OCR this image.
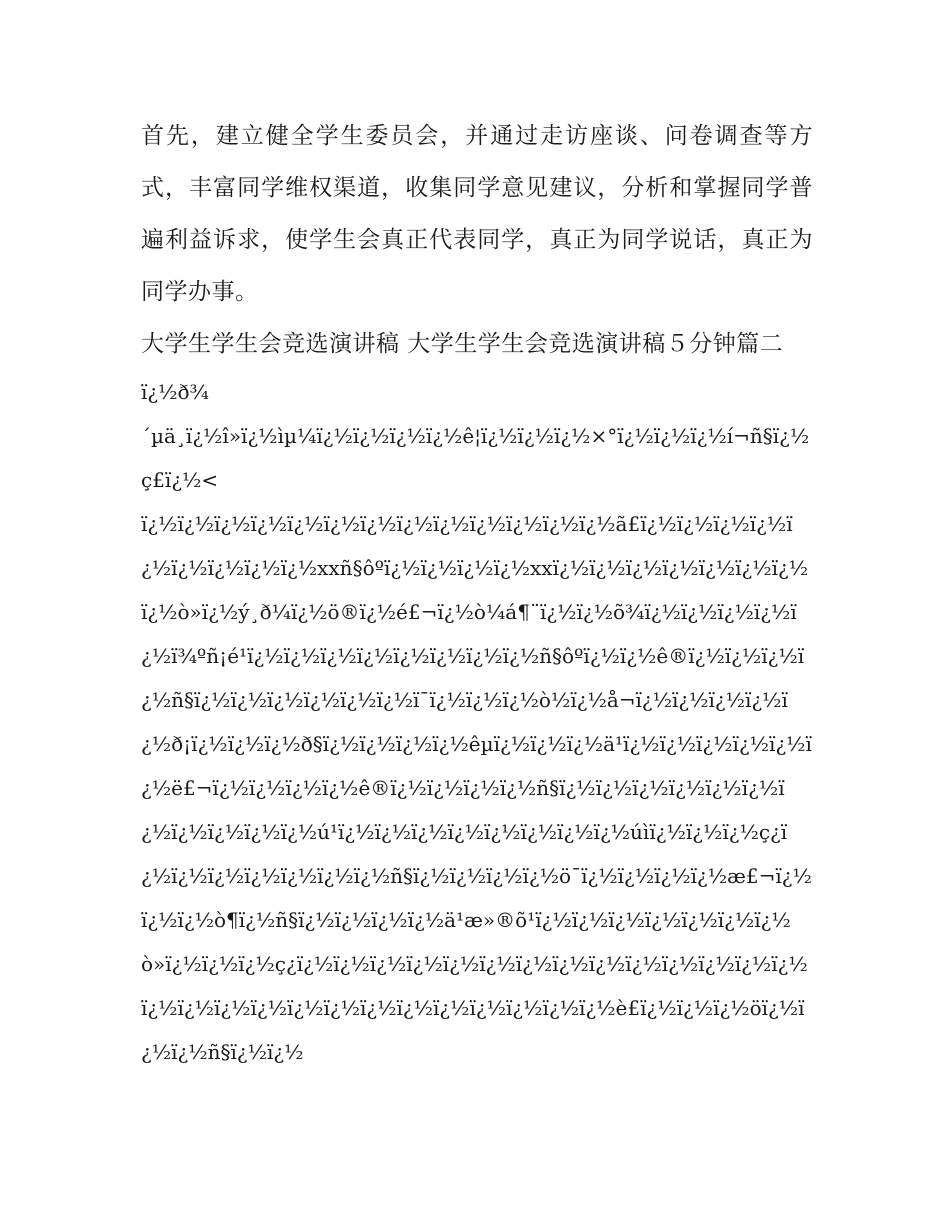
首先，建立健全学生委员会，并通过走访座谈、问卷调查等方式，丰富同学维权渠道，收集同学意见建议，分析和掌握同学普遍利益诉求，使学生会真正代表同学，真正为同学说话，真正为同学办事。

大学生学生会竞选演讲稿 大学生学生会竞选演讲稿５分钟篇二

ï¿½ð¾

´µä¸ï¿½î»ï¿½ìµ¼ï¿½ï¿½ï¿½ï¿½ê¦ï¿½ï¿½ï¿½×°ï¿½ï¿½ï¿½í¬ñ§ï¿½ç£ï¿½<

ï¿½ï¿½ï¿½ï¿½ï¿½ï¿½ï¿½ï¿½ï¿½ï¿½ï¿½ï¿½ï¿½ã£ï¿½ï¿½ï¿½ï¿½ï¿½ï¿½ï¿½ï¿½ï¿½xxñ§ôºï¿½ï¿½ï¿½ï¿½xxï¿½ï¿½ï¿½ï¿½ï¿½ï¿½ï¿½ï¿½ò»ï¿½ý¸ð¼ï¿½ö®ï¿½é£¬ï¿½ò¼á¶¨ï¿½ï¿½õ¾ï¿½ï¿½ï¿½ï¿½ï¿½ï¾ºñ¡é¹ï¿½ï¿½ï¿½ï¿½ï¿½ï¿½ï¿½ï¿½ñ§ôºï¿½ï¿½ê®ï¿½ï¿½ï¿½ï¿½ñ§ï¿½ï¿½ï¿½ï¿½ï¿½ï¿½ï¯ï¿½ï¿½ï¿½ò½ï¿½å¬ï¿½ï¿½ï¿½ï¿½ï¿½ð¡ï¿½ï¿½ï¿½ð§ï¿½ï¿½ï¿½ï¿½êµï¿½ï¿½ï¿½ä¹ï¿½ï¿½ï¿½ï¿½ï¿½ï¿½ë£¬ï¿½ï¿½ï¿½ï¿½ê®ï¿½ï¿½ï¿½ï¿½ñ§ï¿½ï¿½ï¿½ï¿½ï¿½ï¿½ï¿½ï¿½ï¿½ï¿½ï¿½ú¹ï¿½ï¿½ï¿½ï¿½ï¿½ï¿½ï¿½ï¿½úìï¿½ï¿½ï¿½ç¿ï¿½ï¿½ï¿½ï¿½ï¿½ï¿½ï¿½ñ§ï¿½ï¿½ï¿½ï¿½ö¯ï¿½ï¿½ï¿½ï¿½æ£¬ï¿½ï¿½ï¿½ò¶ï¿½ñ§ï¿½ï¿½ï¿½ï¿½ä¹æ»®õ¹ï¿½ï¿½ï¿½ï¿½ï¿½ï¿½ï¿½ò»ï¿½ï¿½ï¿½ç¿ï¿½ï¿½ï¿½ï¿½ï¿½ï¿½ï¿½ï¿½ï¿½ï¿½ï¿½ï¿½ï¿½ï¿½ï¿½ï¿½ï¿½ï¿½ï¿½ï¿½ï¿½ï¿½ï¿½ï¿½ï¿½ï¿½ï¿½è£ï¿½ï¿½ï¿½öï¿½ï¿½ï¿½ñ§ï¿½ï¿½
